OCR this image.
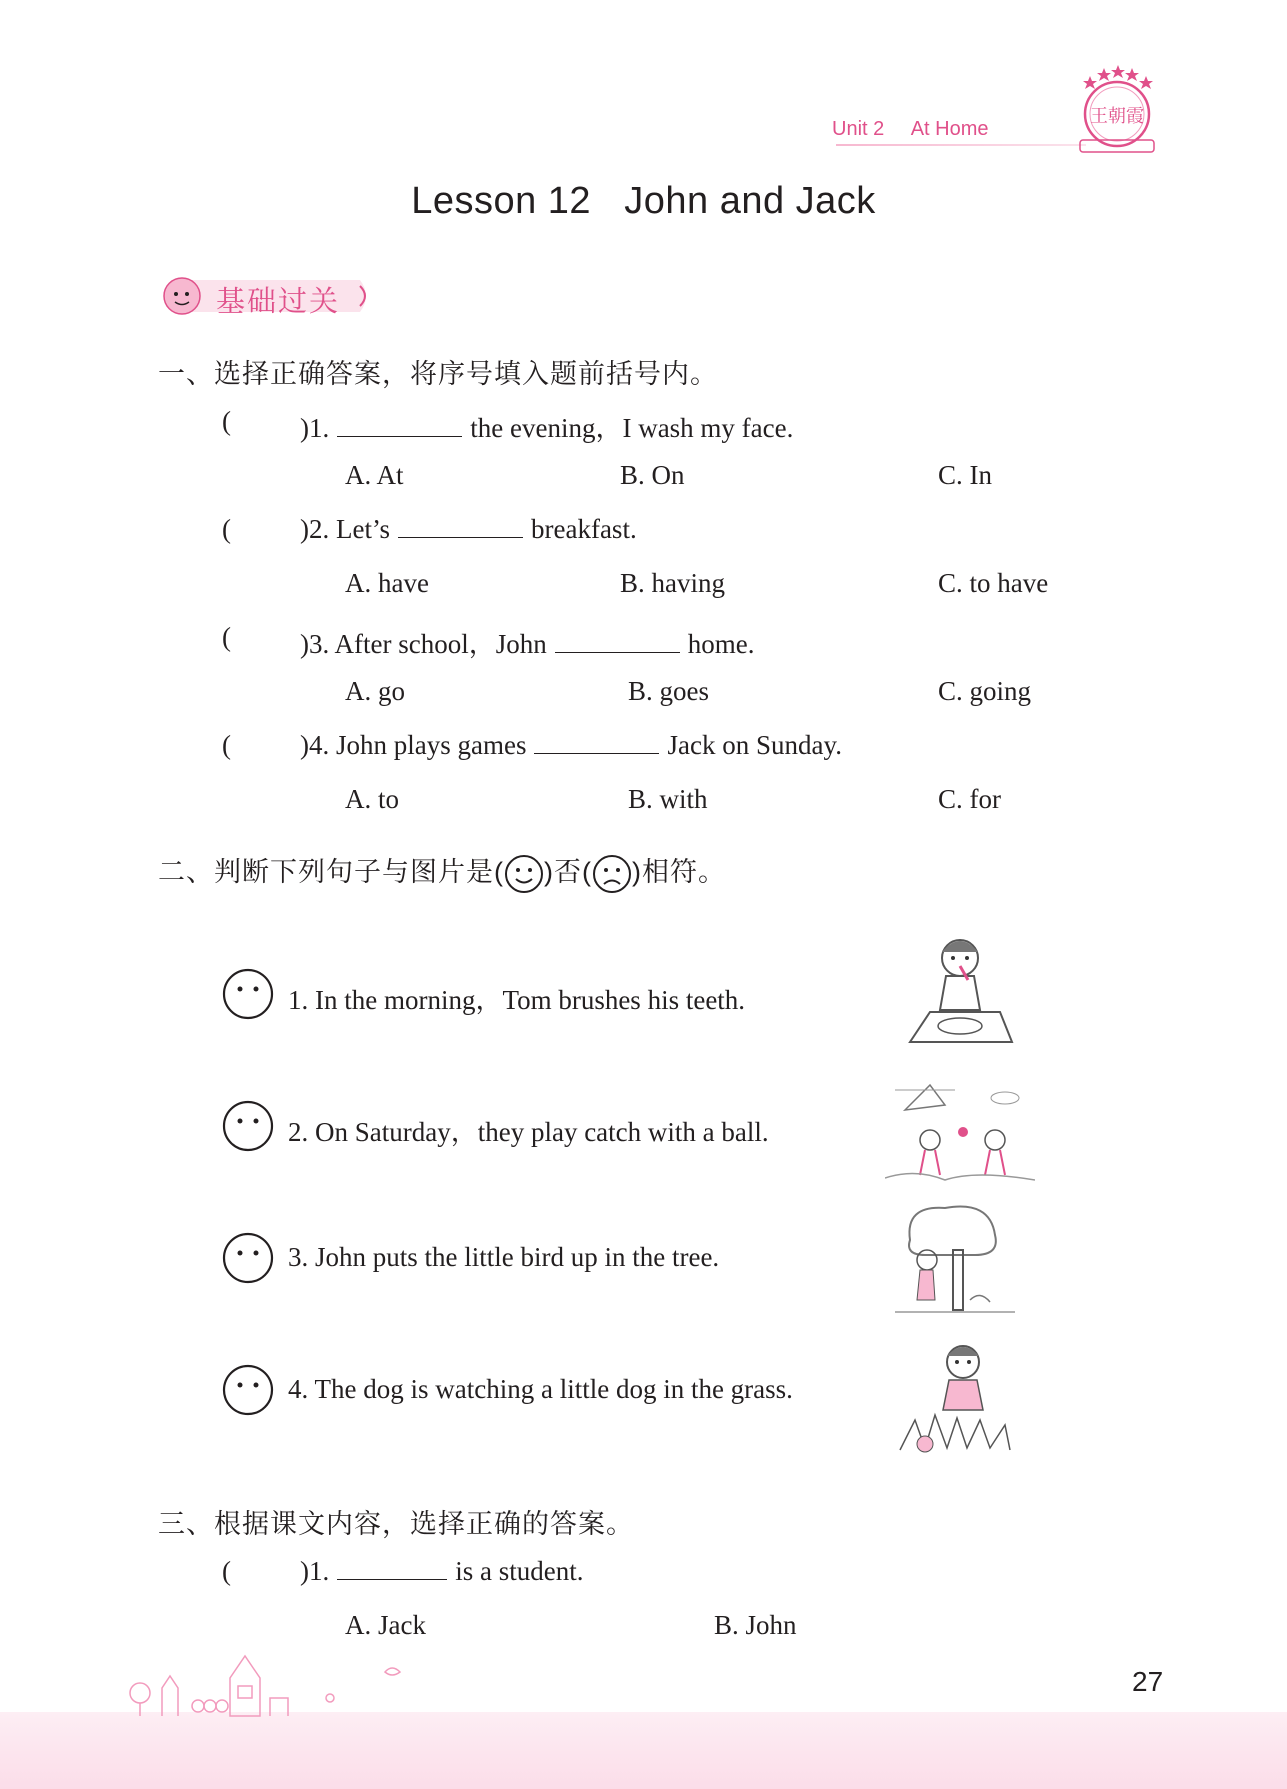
Unit 2 At Home
王朝霞
Lesson 12   John and Jack
基础过关
一、选择正确答案，将序号填入题前括号内。
(	)1.	the evening，I wash my face.
A. At	B. On	C. In
(	)2. Let’s	breakfast.
A. have	B. having	C. to have
(	)3. After school，John	home.
A. go	B. goes	C. going
(	)4. John plays games	Jack on Sunday.
A. to	B. with	C. for
二、判断下列句子与图片是( )否( )相符。
1. In the morning，Tom brushes his teeth.
2. On Saturday，they play catch with a ball.
3. John puts the little bird up in the tree.
4. The dog is watching a little dog in the grass.
三、根据课文内容，选择正确的答案。
(	)1.	is a student.
A. Jack	B. John
27
